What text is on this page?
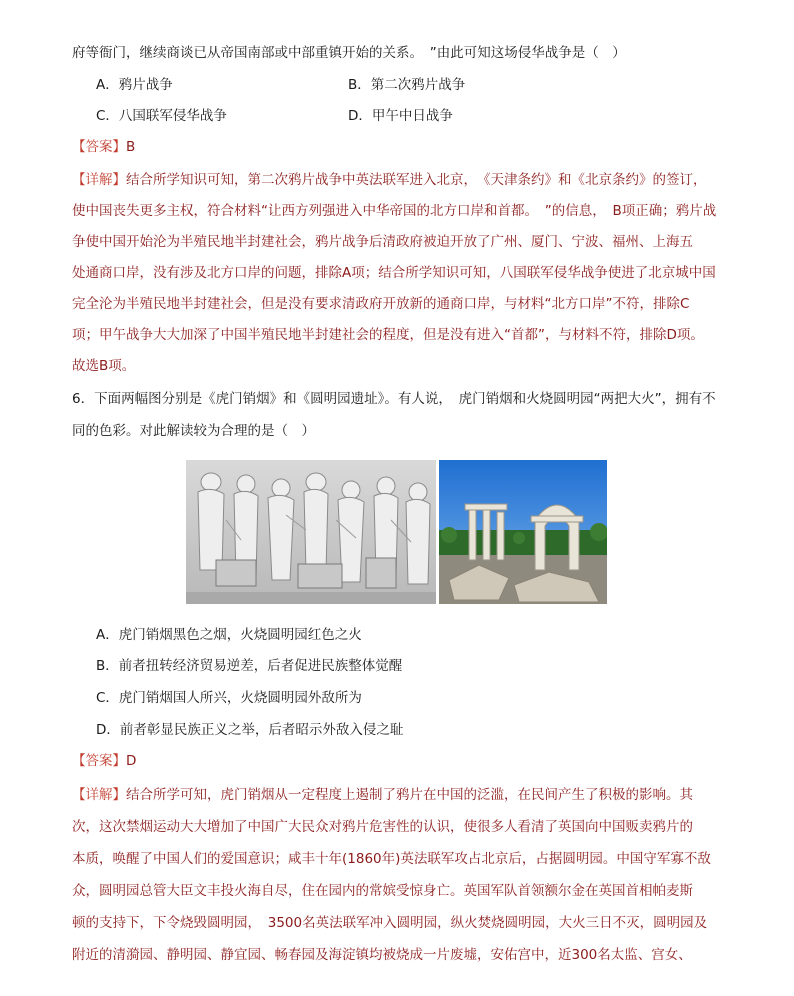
府等衙门，继续商谈已从帝国南部或中部重镇开始的关系。　”由此可知这场侵华战争是（　）
A．鸦片战争	B．第二次鸦片战争
C．八国联军侵华战争	D．甲午中日战争
【答案】B
【详解】结合所学知识可知，第二次鸦片战争中英法联军进入北京，　《天津条约》和《北京条约》的签订，
使中国丧失更多主权，符合材料“让西方列强进入中华帝国的北方口岸和首都。　”的信息，　B项正确；鸦片战
争使中国开始沦为半殖民地半封建社会，鸦片战争后清政府被迫开放了广州、厦门、宁波、福州、上海五
处通商口岸，没有涉及北方口岸的问题，排除A项；结合所学知识可知，八国联军侵华战争使进了北京城中国
完全沦为半殖民地半封建社会，但是没有要求清政府开放新的通商口岸，与材料“北方口岸”不符，排除C
项；甲午战争大大加深了中国半殖民地半封建社会的程度，但是没有进入“首都”，与材料不符，排除D项。
故选B项。
6．下面两幅图分别是《虎门销烟》和《圆明园遗址》。有人说，　虎门销烟和火烧圆明园“两把大火”，拥有不
同的色彩。对此解读较为合理的是（　）
A．虎门销烟黑色之烟，火烧圆明园红色之火
B．前者扭转经济贸易逆差，后者促进民族整体觉醒
C．虎门销烟国人所兴，火烧圆明园外敌所为
D．前者彰显民族正义之举，后者昭示外敌入侵之耻
【答案】D
【详解】结合所学可知，虎门销烟从一定程度上遏制了鸦片在中国的泛滥，在民间产生了积极的影响。其
次，这次禁烟运动大大增加了中国广大民众对鸦片危害性的认识，使很多人看清了英国向中国贩卖鸦片的
本质，唤醒了中国人们的爱国意识；咸丰十年(1860年)英法联军攻占北京后，占据圆明园。中国守军寡不敌
众，圆明园总管大臣文丰投火海自尽，住在园内的常嫔受惊身亡。英国军队首领额尔金在英国首相帕麦斯
顿的支持下，下令烧毁圆明园，　3500名英法联军冲入圆明园，纵火焚烧圆明园，大火三日不灭，圆明园及
附近的清漪园、静明园、静宜园、畅春园及海淀镇均被烧成一片废墟，安佑宫中，近300名太监、宫女、
